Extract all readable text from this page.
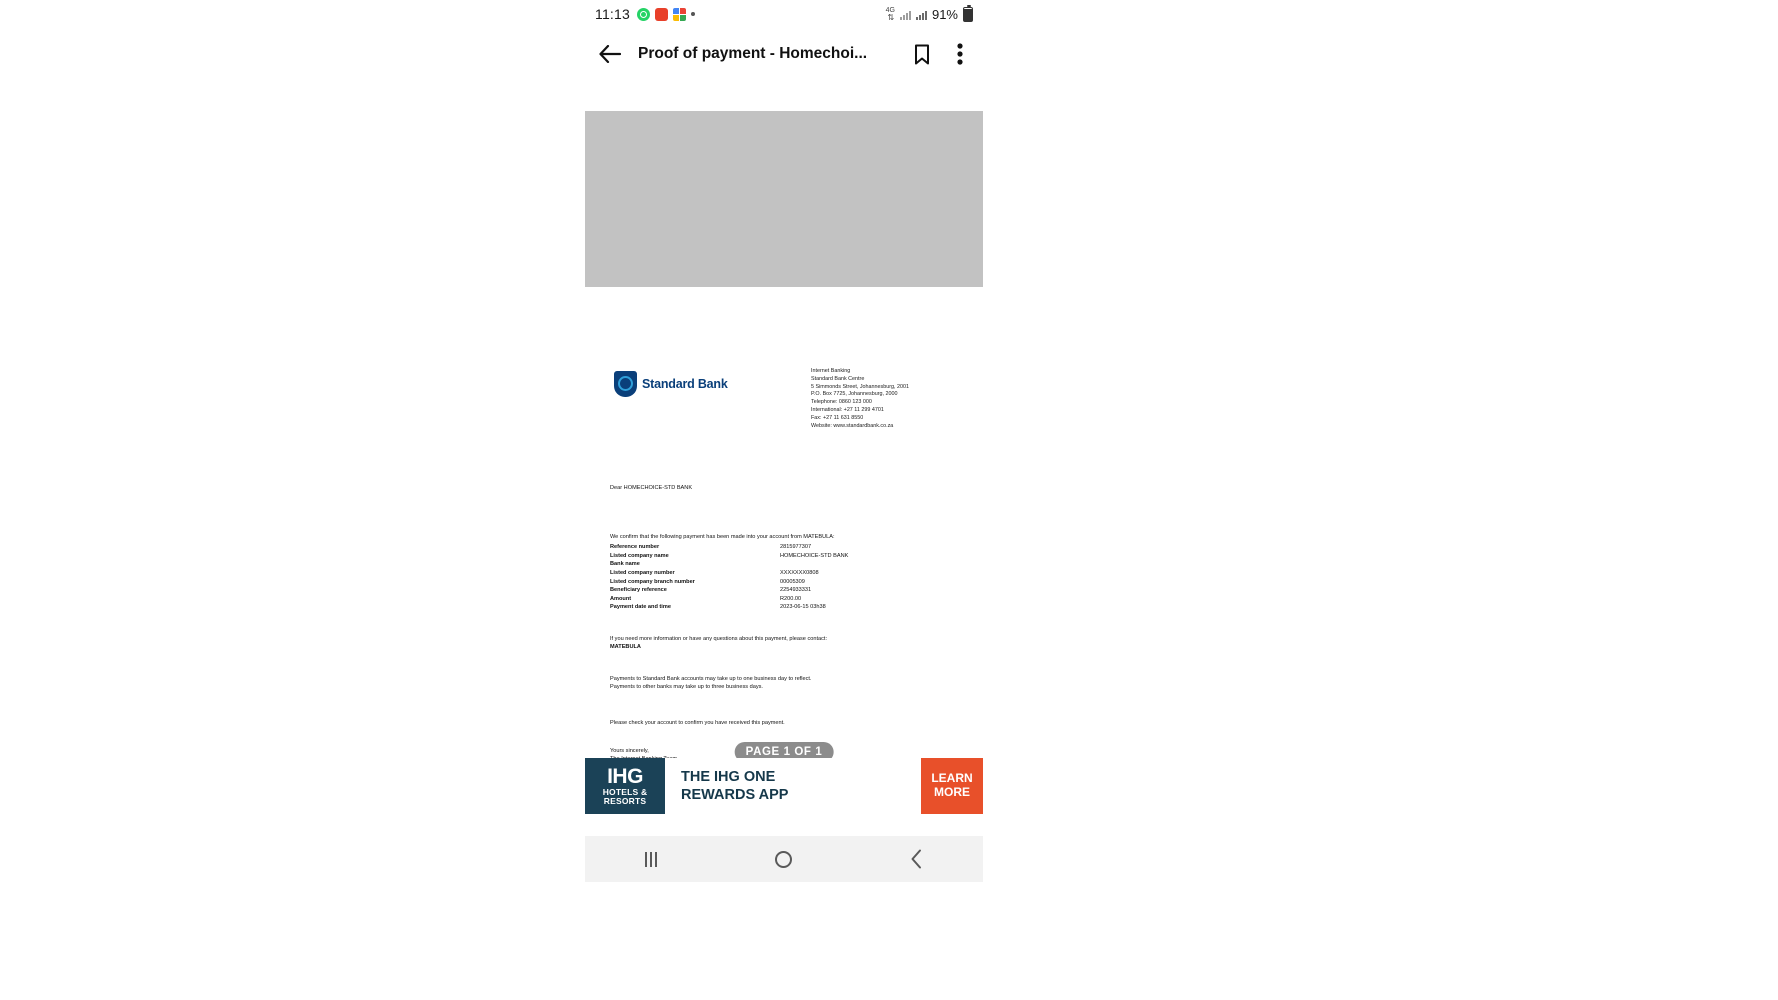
11:13	4G
⇅	91%
Proof of payment - Homechoi...
Standard Bank
Internet Banking
Standard Bank Centre
5 Simmonds Street, Johannesburg, 2001
P.O. Box 7725, Johannesburg, 2000
Telephone: 0860 123 000
International: +27 11 299 4701
Fax: +27 11 631 8550
Website: www.standardbank.co.za
Dear HOMECHOICE-STD BANK
We confirm that the following payment has been made into your account from MATEBULA:
Reference number	2815977307
Listed company name	HOMECHOICE-STD BANK
Bank name	
Listed company number	XXXXXXX0808
Listed company branch number	00005309
Beneficiary reference	2254933331
Amount	R200.00
Payment date and time	2023-06-15 03h38
If you need more information or have any questions about this payment, please contact:
MATEBULA
Payments to Standard Bank accounts may take up to one business day to reflect.
Payments to other banks may take up to three business days.
Please check your account to confirm you have received this payment.
Yours sincerely,	PAGE 1 OF 1
IHG
HOTELS &
RESORTS
THE IHG ONE
REWARDS APP
LEARN
MORE
